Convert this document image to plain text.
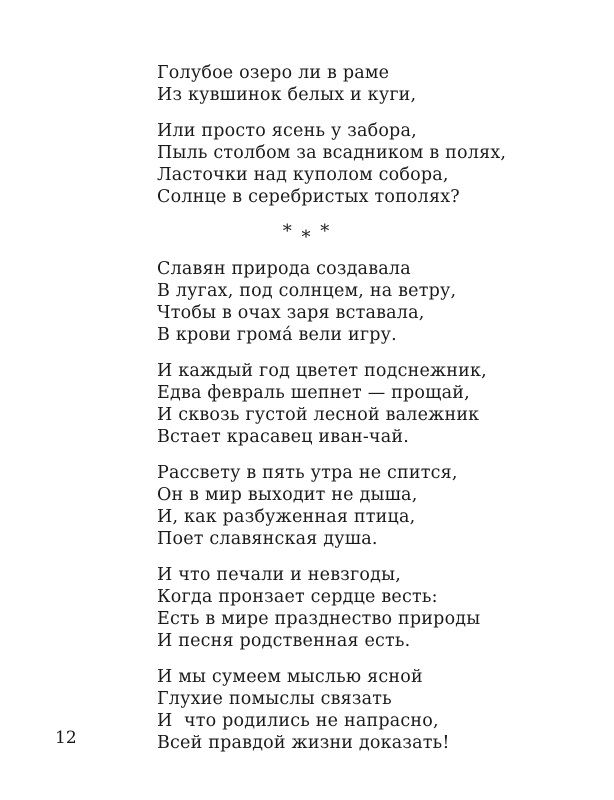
Голубое озеро ли в раме
Из кувшинок белых и куги,
Или просто ясень у забора,
Пыль столбом за всадником в полях,
Ласточки над куполом собора,
Солнце в серебристых тополях?
* * *
Славян природа создавала
В лугах, под солнцем, на ветру,
Чтобы в очах заря вставала,
В крови грома́ вели игру.
И каждый год цветет подснежник,
Едва февраль шепнет — прощай,
И сквозь густой лесной валежник
Встает красавец иван-чай.
Рассвету в пять утра не спится,
Он в мир выходит не дыша,
И, как разбуженная птица,
Поет славянская душа.
И что печали и невзгоды,
Когда пронзает сердце весть:
Есть в мире празднество природы
И песня родственная есть.
И мы сумеем мыслью ясной
Глухие помыслы связать
И  что родились не напрасно,
Всей правдой жизни доказать!
12
